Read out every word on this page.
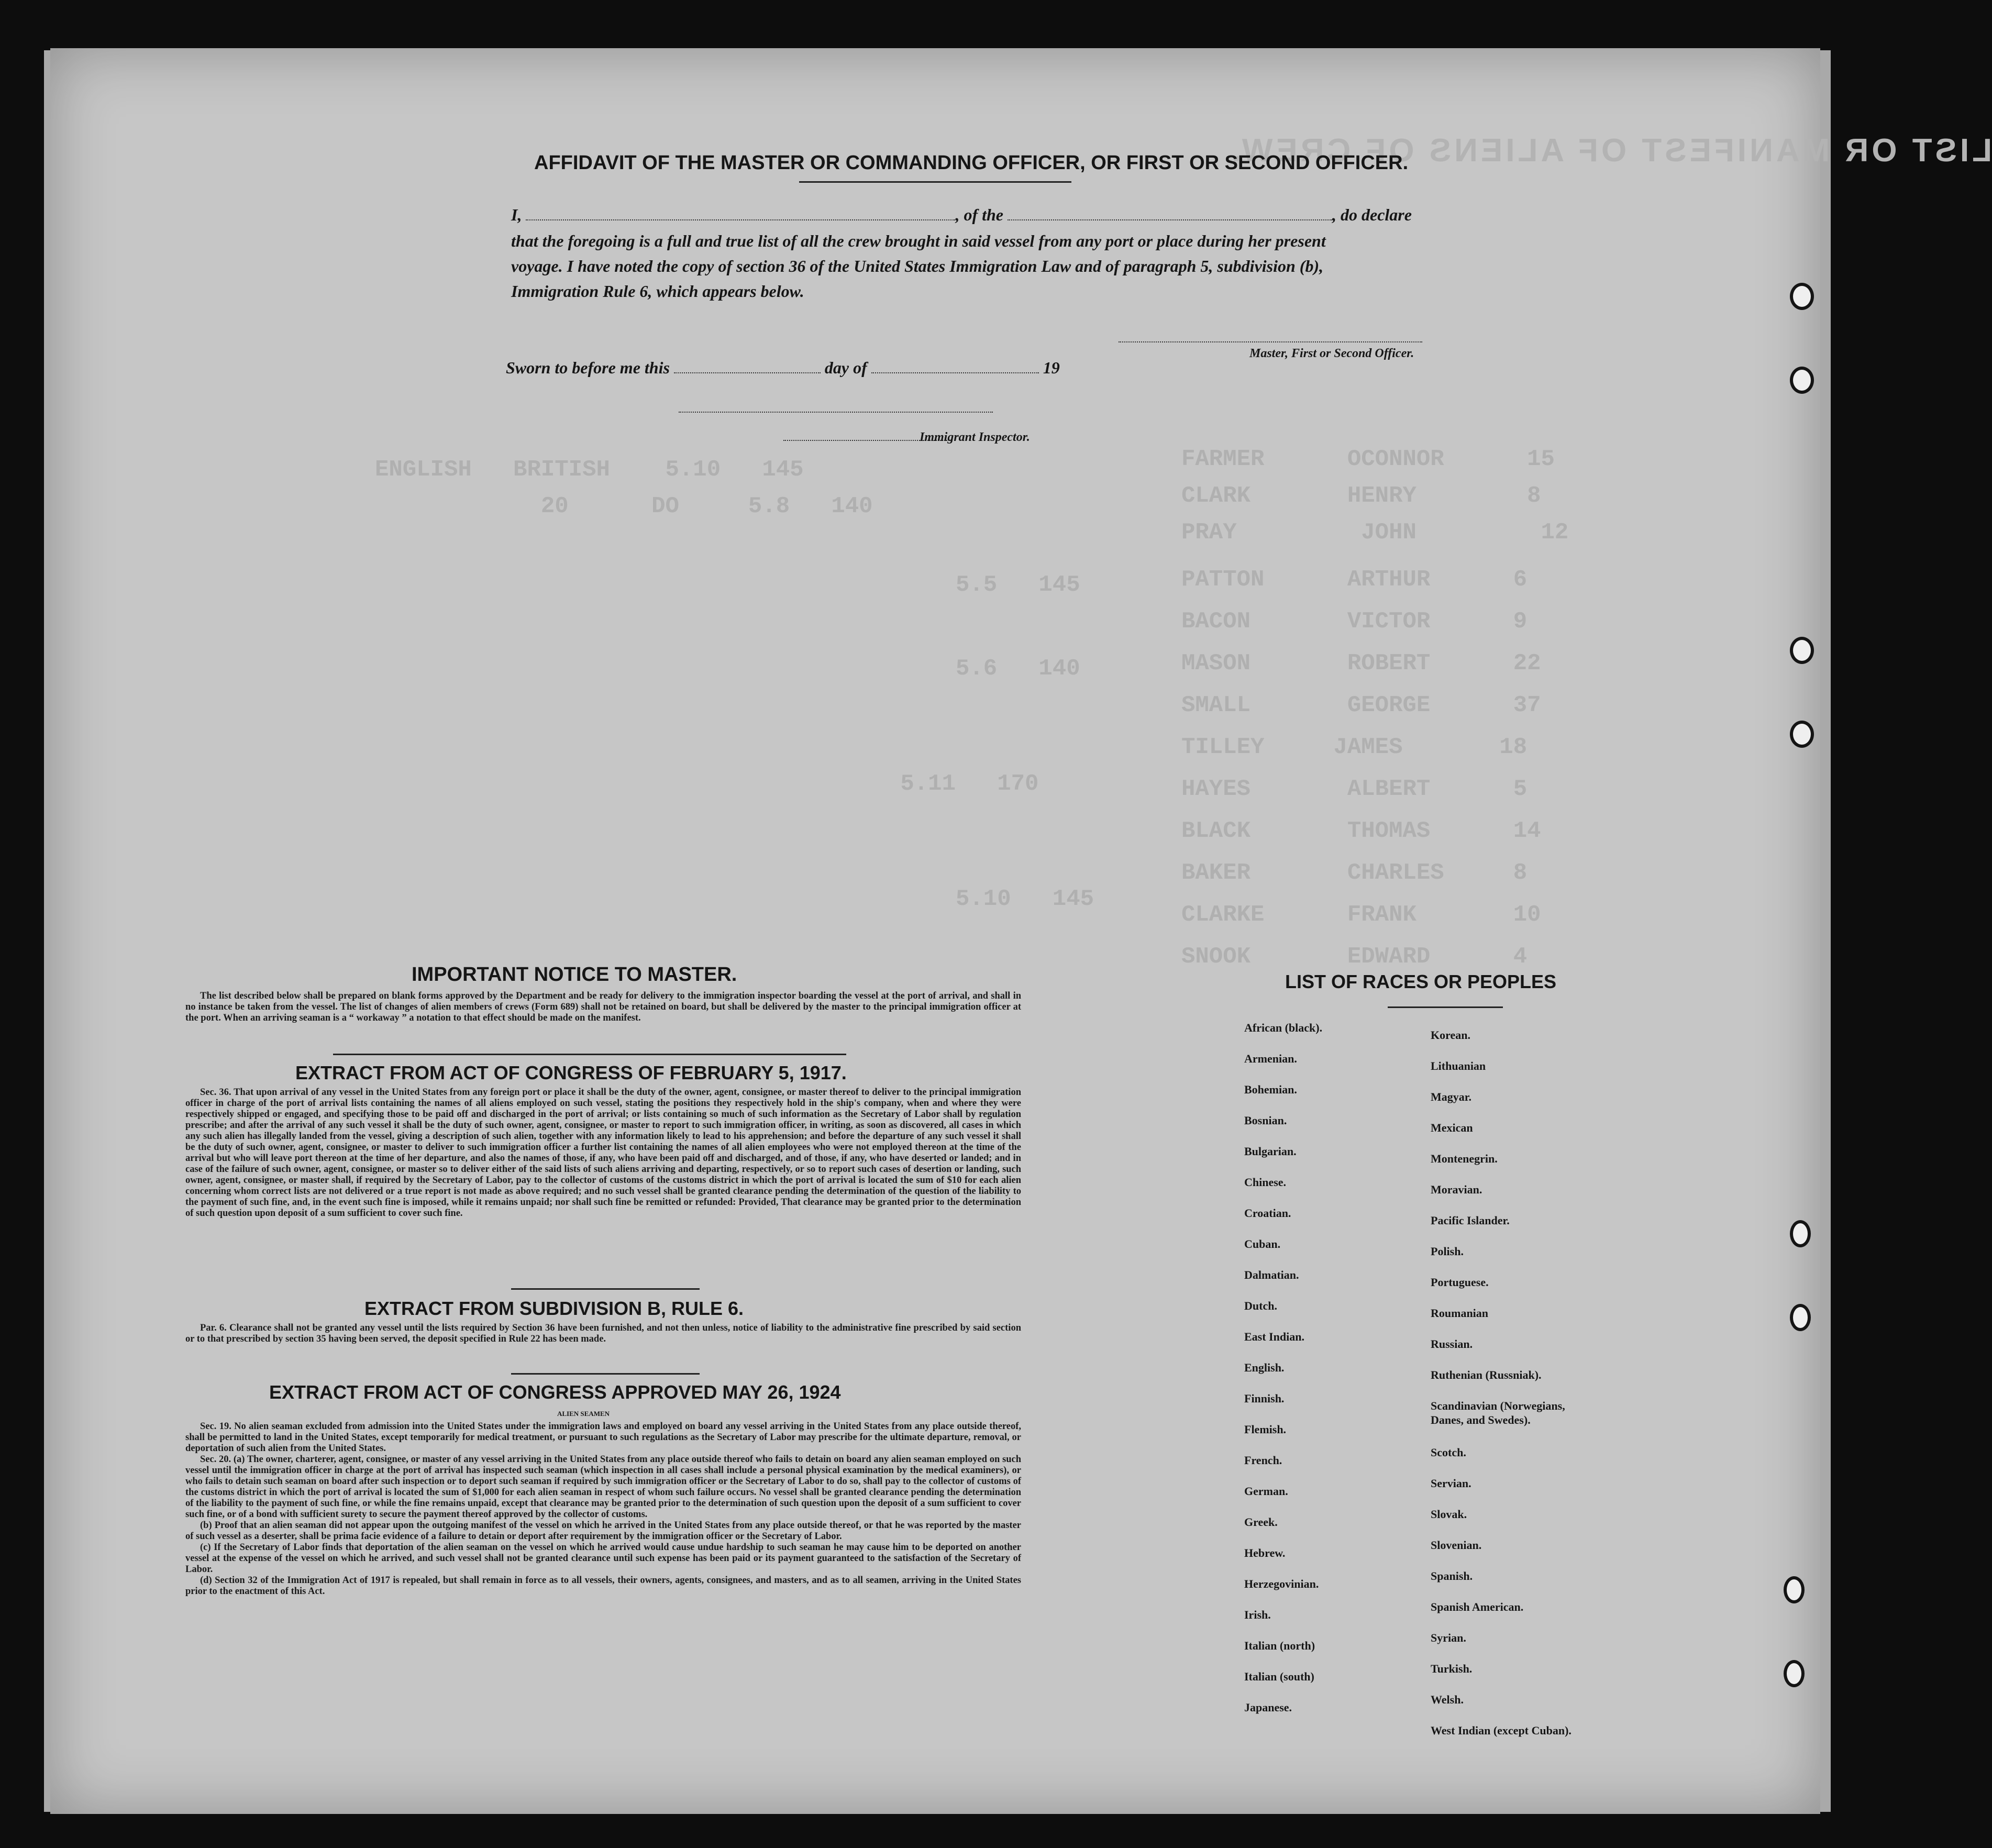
LIST OR MANIFEST OF ALIENS OF CREW.
AFFIDAVIT OF THE MASTER OR COMMANDING OFFICER, OR FIRST OR SECOND OFFICER.
I,	, of the	, do declare
that the foregoing is a full and true list of all the crew brought in said vessel from any port or place during her present
voyage. I have noted the copy of section 36 of the United States Immigration Law and of paragraph 5, subdivision (b),
Immigration Rule 6, which appears below.
Master, First or Second Officer.
Sworn to before me this	day of	19
Immigrant Inspector.
FARMER      OCONNOR      15
CLARK       HENRY        8
PRAY         JOHN         12
PATTON      ARTHUR      6
BACON       VICTOR      9
MASON       ROBERT      22
SMALL       GEORGE      37
TILLEY     JAMES       18
HAYES       ALBERT      5
BLACK       THOMAS      14
BAKER       CHARLES     8
CLARKE      FRANK       10
SNOOK       EDWARD      4
ENGLISH   BRITISH    5.10   145
20      DO     5.8   140
5.5   145
5.6   140
5.11   170
5.10   145
IMPORTANT NOTICE TO MASTER.

The list described below shall be prepared on blank forms approved by the Department and be ready for delivery to the immigration inspector boarding the vessel at the port of arrival, and shall in no instance be taken from the vessel. The list of changes of alien members of crews (Form 689) shall not be retained on board, but shall be delivered by the master to the principal immigration officer at the port. When an arriving seaman is a “ workaway ” a notation to that effect should be made on the manifest.

EXTRACT FROM ACT OF CONGRESS OF FEBRUARY 5, 1917.

Sec. 36. That upon arrival of any vessel in the United States from any foreign port or place it shall be the duty of the owner, agent, consignee, or master thereof to deliver to the principal immigration officer in charge of the port of arrival lists containing the names of all aliens employed on such vessel, stating the positions they respectively hold in the ship's company, when and where they were respectively shipped or engaged, and specifying those to be paid off and discharged in the port of arrival; or lists containing so much of such information as the Secretary of Labor shall by regulation prescribe; and after the arrival of any such vessel it shall be the duty of such owner, agent, consignee, or master to report to such immigration officer, in writing, as soon as discovered, all cases in which any such alien has illegally landed from the vessel, giving a description of such alien, together with any information likely to lead to his apprehension; and before the departure of any such vessel it shall be the duty of such owner, agent, consignee, or master to deliver to such immigration officer a further list containing the names of all alien employees who were not employed thereon at the time of the arrival but who will leave port thereon at the time of her departure, and also the names of those, if any, who have been paid off and discharged, and of those, if any, who have deserted or landed; and in case of the failure of such owner, agent, consignee, or master so to deliver either of the said lists of such aliens arriving and departing, respectively, or so to report such cases of desertion or landing, such owner, agent, consignee, or master shall, if required by the Secretary of Labor, pay to the collector of customs of the customs district in which the port of arrival is located the sum of $10 for each alien concerning whom correct lists are not delivered or a true report is not made as above required; and no such vessel shall be granted clearance pending the determination of the question of the liability to the payment of such fine, and, in the event such fine is imposed, while it remains unpaid; nor shall such fine be remitted or refunded: Provided, That clearance may be granted prior to the determination of such question upon deposit of a sum sufficient to cover such fine.

EXTRACT FROM SUBDIVISION B, RULE 6.

Par. 6. Clearance shall not be granted any vessel until the lists required by Section 36 have been furnished, and not then unless, notice of liability to the administrative fine prescribed by said section or to that prescribed by section 35 having been served, the deposit specified in Rule 22 has been made.

EXTRACT FROM ACT OF CONGRESS APPROVED MAY 26, 1924
ALIEN SEAMEN

Sec. 19. No alien seaman excluded from admission into the United States under the immigration laws and employed on board any vessel arriving in the United States from any place outside thereof, shall be permitted to land in the United States, except temporarily for medical treatment, or pursuant to such regulations as the Secretary of Labor may prescribe for the ultimate departure, removal, or deportation of such alien from the United States.

Sec. 20. (a) The owner, charterer, agent, consignee, or master of any vessel arriving in the United States from any place outside thereof who fails to detain on board any alien seaman employed on such vessel until the immigration officer in charge at the port of arrival has inspected such seaman (which inspection in all cases shall include a personal physical examination by the medical examiners), or who fails to detain such seaman on board after such inspection or to deport such seaman if required by such immigration officer or the Secretary of Labor to do so, shall pay to the collector of customs of the customs district in which the port of arrival is located the sum of $1,000 for each alien seaman in respect of whom such failure occurs. No vessel shall be granted clearance pending the determination of the liability to the payment of such fine, or while the fine remains unpaid, except that clearance may be granted prior to the determination of such question upon the deposit of a sum sufficient to cover such fine, or of a bond with sufficient surety to secure the payment thereof approved by the collector of customs.

(b) Proof that an alien seaman did not appear upon the outgoing manifest of the vessel on which he arrived in the United States from any place outside thereof, or that he was reported by the master of such vessel as a deserter, shall be prima facie evidence of a failure to detain or deport after requirement by the immigration officer or the Secretary of Labor.

(c) If the Secretary of Labor finds that deportation of the alien seaman on the vessel on which he arrived would cause undue hardship to such seaman he may cause him to be deported on another vessel at the expense of the vessel on which he arrived, and such vessel shall not be granted clearance until such expense has been paid or its payment guaranteed to the satisfaction of the Secretary of Labor.

(d) Section 32 of the Immigration Act of 1917 is repealed, but shall remain in force as to all vessels, their owners, agents, consignees, and masters, and as to all seamen, arriving in the United States prior to the enactment of this Act.

LIST OF RACES OR PEOPLES
African (black).
Armenian.
Bohemian.
Bosnian.
Bulgarian.
Chinese.
Croatian.
Cuban.
Dalmatian.
Dutch.
East Indian.
English.
Finnish.
Flemish.
French.
German.
Greek.
Hebrew.
Herzegovinian.
Irish.
Italian (north)
Italian (south)
Japanese.
Korean.
Lithuanian
Magyar.
Mexican
Montenegrin.
Moravian.
Pacific Islander.
Polish.
Portuguese.
Roumanian
Russian.
Ruthenian (Russniak).
Scandinavian (Norwegians,
Danes, and Swedes).
Scotch.
Servian.
Slovak.
Slovenian.
Spanish.
Spanish American.
Syrian.
Turkish.
Welsh.
West Indian (except Cuban).
